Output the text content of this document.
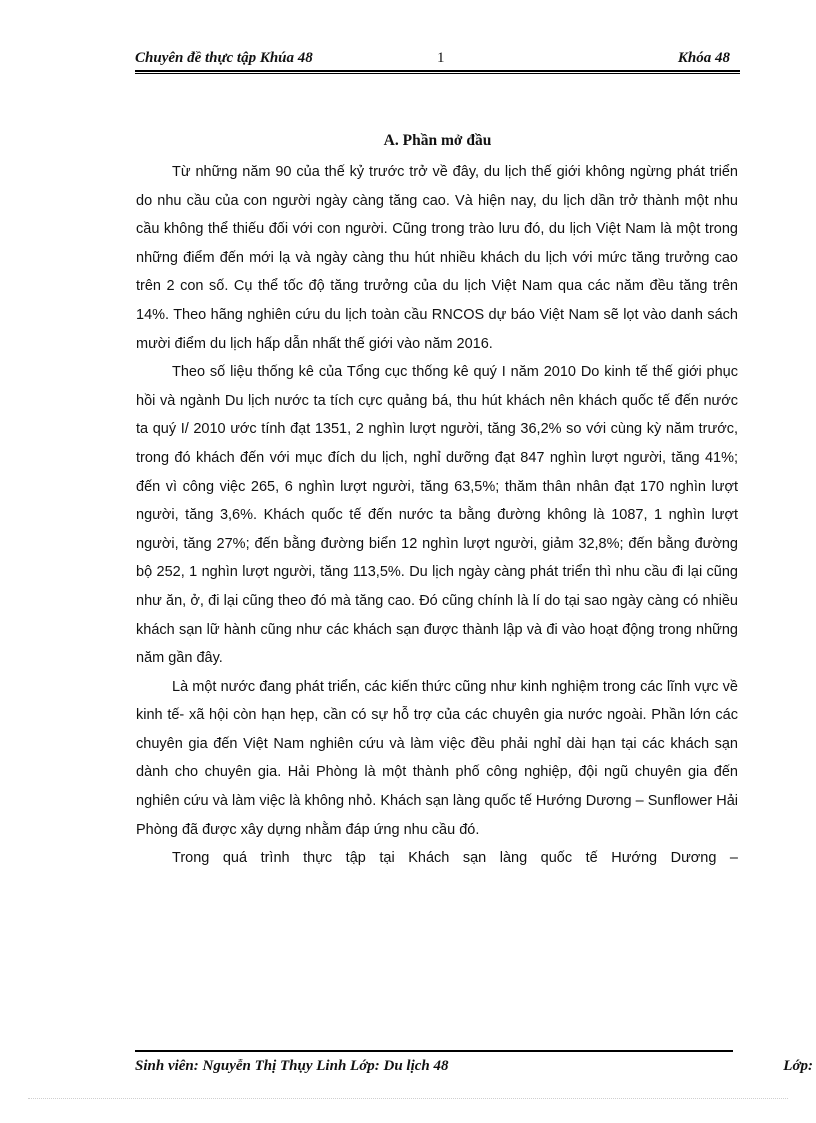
Chuyên đề thực tập Khúa 48	1	Khóa 48
A. Phần mở đầu

Từ những năm 90 của thế kỷ trước trở về đây, du lịch thế giới không ngừng phát triển do nhu cầu của con người ngày càng tăng cao. Và hiện nay, du lịch dần trở thành một nhu cầu không thể thiếu đối với con người. Cũng trong trào lưu đó, du lịch Việt Nam là một trong những điểm đến mới lạ và ngày càng thu hút nhiều khách du lịch với mức tăng trưởng cao trên 2 con số. Cụ thể tốc độ tăng trưởng của du lịch Việt Nam qua các năm đều tăng trên 14%. Theo hãng nghiên cứu du lịch toàn cầu RNCOS dự báo Việt Nam sẽ lọt vào danh sách mười điểm du lịch hấp dẫn nhất thế giới vào năm 2016.

Theo số liệu thống kê của Tổng cục thống kê quý I năm 2010 Do kinh tế thế giới phục hồi và ngành Du lịch nước ta tích cực quảng bá, thu hút khách nên khách quốc tế đến nước ta quý I/ 2010 ước tính đạt 1351, 2 nghìn lượt người, tăng 36,2% so với cùng kỳ năm trước, trong đó khách đến với mục đích du lịch, nghỉ dưỡng đạt 847 nghìn lượt người, tăng 41%; đến vì công việc 265, 6 nghìn lượt người, tăng 63,5%; thăm thân nhân đạt 170 nghìn lượt người, tăng 3,6%. Khách quốc tế đến nước ta bằng đường không là 1087, 1 nghìn lượt người, tăng 27%; đến bằng đường biển 12 nghìn lượt người, giảm 32,8%; đến bằng đường bộ 252, 1 nghìn lượt người, tăng 113,5%. Du lịch ngày càng phát triển thì nhu cầu đi lại cũng như ăn, ở, đi lại cũng theo đó mà tăng cao. Đó cũng chính là lí do tại sao ngày càng có nhiều khách sạn lữ hành cũng như các khách sạn được thành lập và đi vào hoạt động trong những năm gần đây.

Là một nước đang phát triển, các kiến thức cũng như kinh nghiệm trong các lĩnh vực về kinh tế- xã hội còn hạn hẹp, cần có sự hỗ trợ của các chuyên gia nước ngoài. Phần lớn các chuyên gia đến Việt Nam nghiên cứu và làm việc đều phải nghỉ dài hạn tại các khách sạn dành cho chuyên gia. Hải Phòng là một thành phố công nghiệp, đội ngũ chuyên gia đến nghiên cứu và làm việc là không nhỏ. Khách sạn làng quốc tế Hướng Dương – Sunflower Hải Phòng đã được xây dựng nhằm đáp ứng nhu cầu đó.

Trong quá trình thực tập tại Khách sạn làng quốc tế Hướng Dương –

Sinh viên: Nguyễn Thị Thụy Linh Lớp: Du lịch 48	Lớp:
